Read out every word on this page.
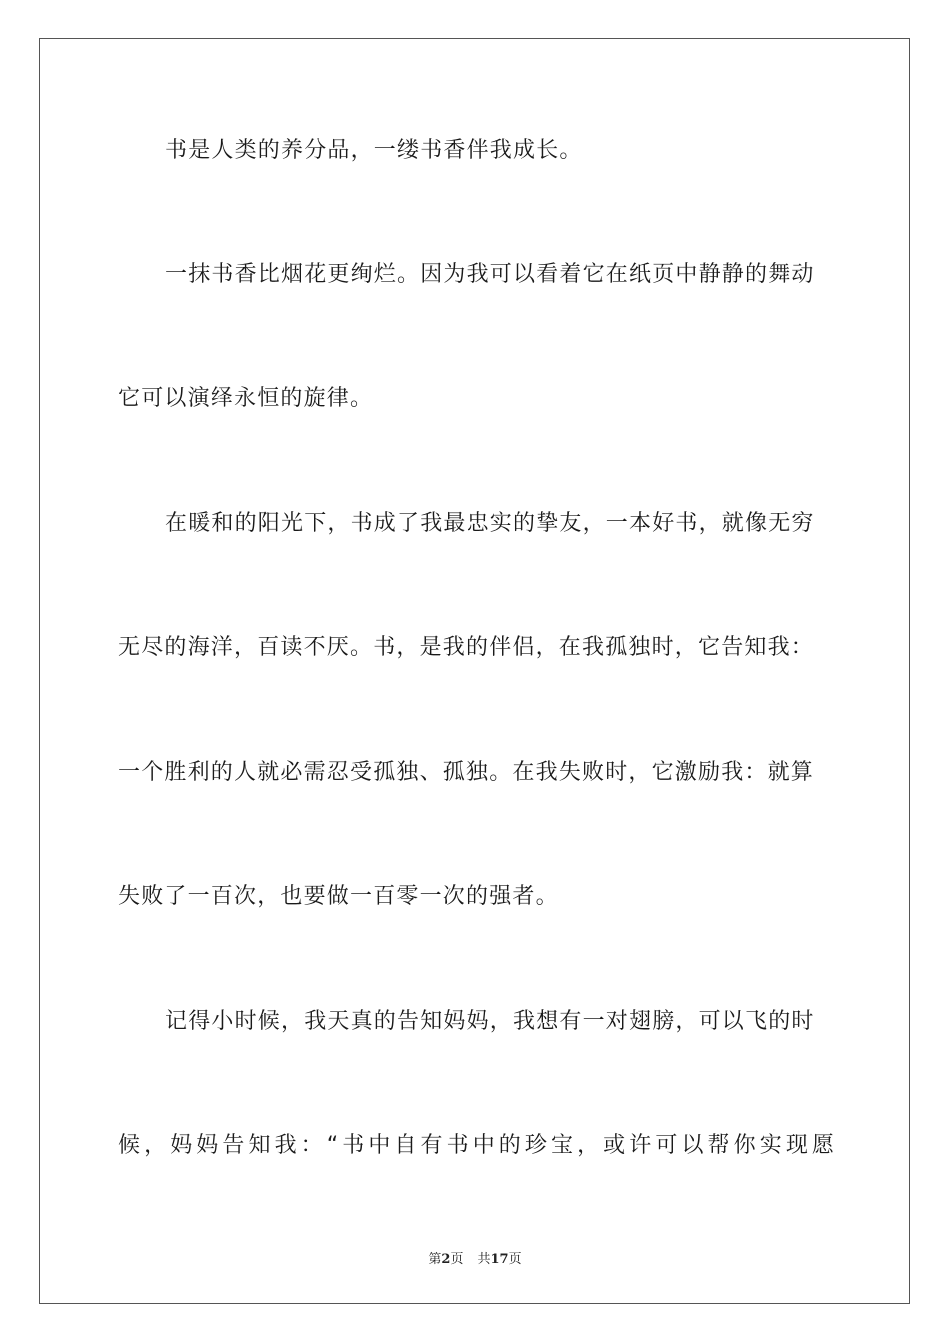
书是人类的养分品，一缕书香伴我成长。
一抹书香比烟花更绚烂。因为我可以看着它在纸页中静静的舞动
它可以演绎永恒的旋律。
在暖和的阳光下，书成了我最忠实的挚友，一本好书，就像无穷
无尽的海洋，百读不厌。书，是我的伴侣，在我孤独时，它告知我：
一个胜利的人就必需忍受孤独、孤独。在我失败时，它激励我：就算
失败了一百次，也要做一百零一次的强者。
记得小时候，我天真的告知妈妈，我想有一对翅膀，可以飞的时
候 ， 妈 妈 告 知 我 ： “ 书 中 自 有 书 中 的 珍 宝 ， 或 许 可 以 帮 你 实 现 愿
第2页 共17页
